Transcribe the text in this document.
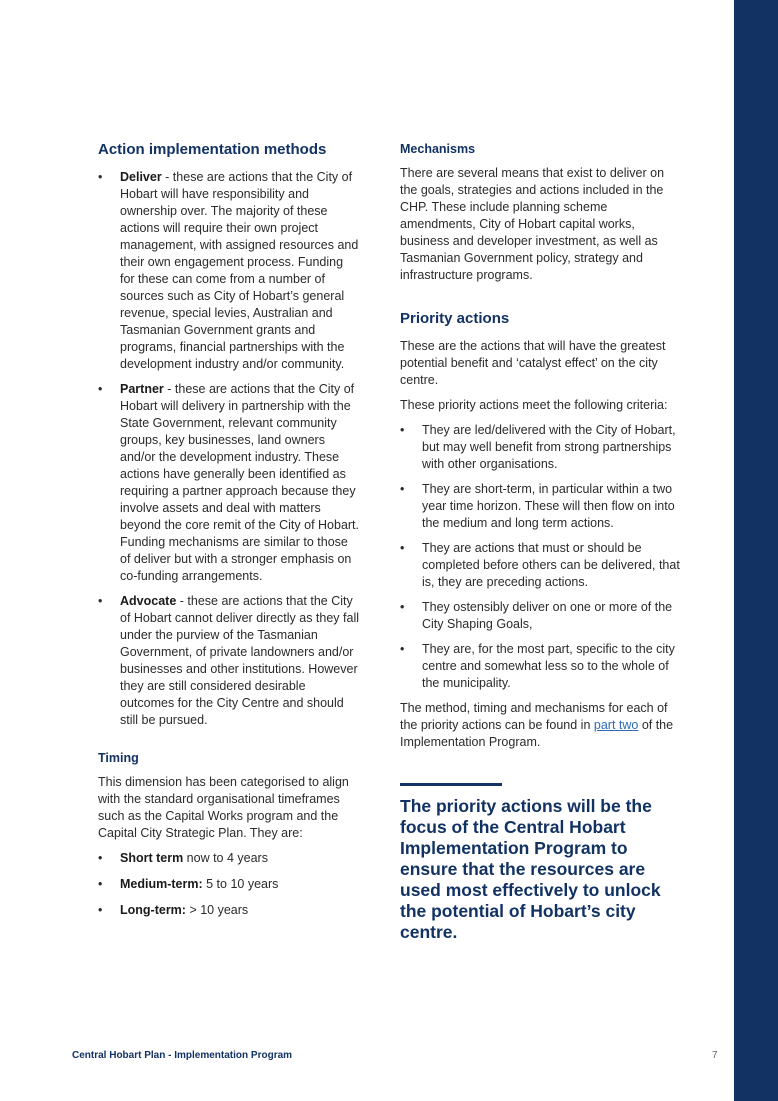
Action implementation methods
• Deliver - these are actions that the City of Hobart will have responsibility and ownership over. The majority of these actions will require their own project management, with assigned resources and their own engagement process. Funding for these can come from a number of sources such as City of Hobart’s general revenue, special levies, Australian and Tasmanian Government grants and programs, financial partnerships with the development industry and/or community.
• Partner - these are actions that the City of Hobart will delivery in partnership with the State Government, relevant community groups, key businesses, land owners and/or the development industry. These actions have generally been identified as requiring a partner approach because they involve assets and deal with matters beyond the core remit of the City of Hobart. Funding mechanisms are similar to those of deliver but with a stronger emphasis on co-funding arrangements.
• Advocate - these are actions that the City of Hobart cannot deliver directly as they fall under the purview of the Tasmanian Government, of private landowners and/or businesses and other institutions. However they are still considered desirable outcomes for the City Centre and should still be pursued.
Timing

This dimension has been categorised to align with the standard organisational timeframes such as the Capital Works program and the Capital City Strategic Plan. They are:

• Short term now to 4 years
• Medium-term: 5 to 10 years
• Long-term: > 10 years
Mechanisms

There are several means that exist to deliver on the goals, strategies and actions included in the CHP. These include planning scheme amendments, City of Hobart capital works, business and developer investment, as well as Tasmanian Government policy, strategy and infrastructure programs.

Priority actions

These are the actions that will have the greatest potential benefit and ‘catalyst effect’ on the city centre.

These priority actions meet the following criteria:

• They are led/delivered with the City of Hobart, but may well benefit from strong partnerships with other organisations.
• They are short-term, in particular within a two year time horizon. These will then flow on into the medium and long term actions.
• They are actions that must or should be completed before others can be delivered, that is, they are preceding actions.
• They ostensibly deliver on one or more of the City Shaping Goals,
• They are, for the most part, specific to the city centre and somewhat less so to the whole of the municipality.

The method, timing and mechanisms for each of the priority actions can be found in part two of the Implementation Program.

The priority actions will be the focus of the Central Hobart Implementation Program to ensure that the resources are used most effectively to unlock the potential of Hobart’s city centre.

Central Hobart Plan - Implementation Program	7
